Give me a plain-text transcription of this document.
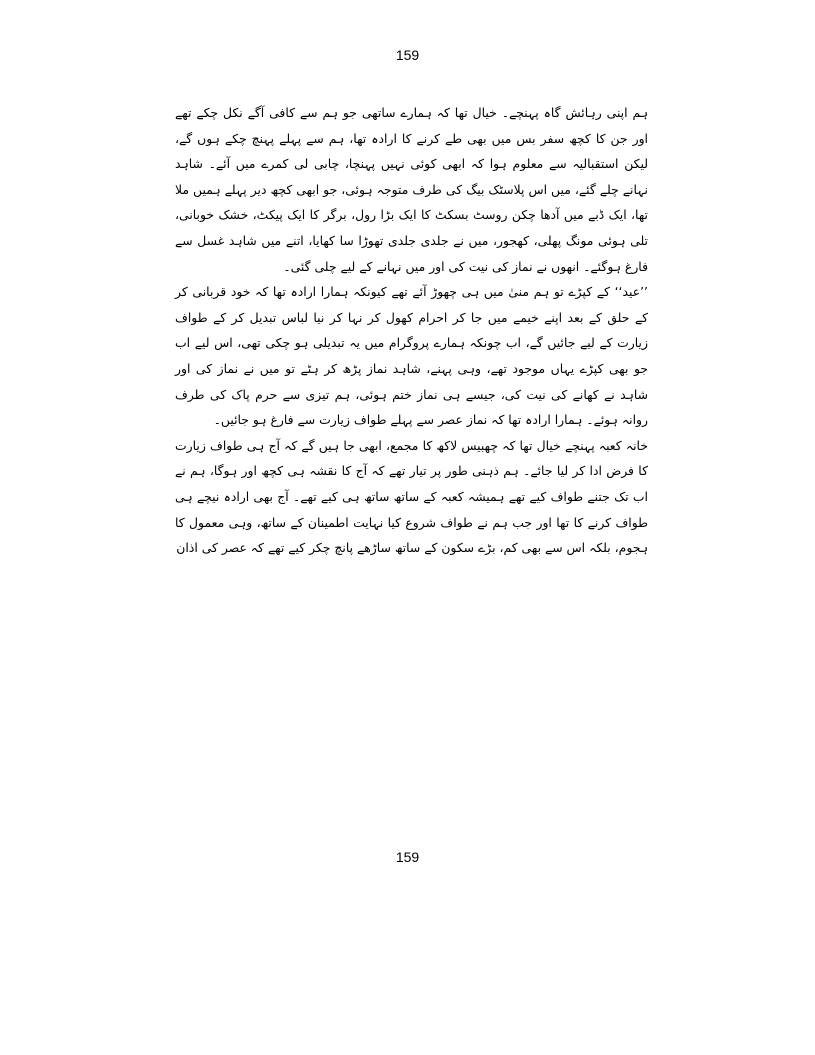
159

ہم اپنی رہائش گاہ پہنچے۔ خیال تھا کہ ہمارے ساتھی جو ہم سے کافی آگے نکل چکے تھے اور جن کا کچھ سفر بس میں بھی طے کرنے کا ارادہ تھا، ہم سے پہلے پہنچ چکے ہوں گے، لیکن استقبالیہ سے معلوم ہوا کہ ابھی کوئی نہیں پہنچا، چابی لی کمرے میں آئے۔ شاہد نہانے چلے گئے، میں اس پلاسٹک بیگ کی طرف متوجہ ہوئی، جو ابھی کچھ دیر پہلے ہمیں ملا تھا، ایک ڈبے میں آدھا چکن روسٹ بسکٹ کا ایک بڑا رول، برگر کا ایک پیکٹ، خشک خوبانی، تلی ہوئی مونگ پھلی، کھجور، میں نے جلدی جلدی تھوڑا سا کھایا، اتنے میں شاہد غسل سے فارغ ہوگئے۔ انھوں نے نماز کی نیت کی اور میں نہانے کے لیے چلی گئی۔

’’عید‘‘ کے کپڑے تو ہم منیٰ میں ہی چھوڑ آئے تھے کیونکہ ہمارا ارادہ تھا کہ خود قربانی کر کے حلق کے بعد اپنے خیمے میں جا کر احرام کھول کر نہا کر نیا لباس تبدیل کر کے طواف زیارت کے لیے جائیں گے، اب چونکہ ہمارے پروگرام میں یہ تبدیلی ہو چکی تھی، اس لیے اب جو بھی کپڑے یہاں موجود تھے، وہی پہنے، شاہد نماز پڑھ کر ہٹے تو میں نے نماز کی اور شاہد نے کھانے کی نیت کی، جیسے ہی نماز ختم ہوئی، ہم تیزی سے حرم پاک کی طرف روانہ ہوئے۔ ہمارا ارادہ تھا کہ نماز عصر سے پہلے طواف زیارت سے فارغ ہو جائیں۔

خانہ کعبہ پہنچے خیال تھا کہ چھبیس لاکھ کا مجمع، ابھی جا ہیں گے کہ آج ہی طواف زیارت کا فرض ادا کر لیا جائے۔ ہم ذہنی طور پر تیار تھے کہ آج کا نقشہ ہی کچھ اور ہوگا، ہم نے اب تک جتنے طواف کیے تھے ہمیشہ کعبہ کے ساتھ ساتھ ہی کیے تھے۔ آج بھی ارادہ نیچے ہی طواف کرنے کا تھا اور جب ہم نے طواف شروع کیا نہایت اطمینان کے ساتھ، وہی معمول کا ہجوم، بلکہ اس سے بھی کم، بڑے سکون کے ساتھ ساڑھے پانچ چکر کیے تھے کہ عصر کی اذان

159
